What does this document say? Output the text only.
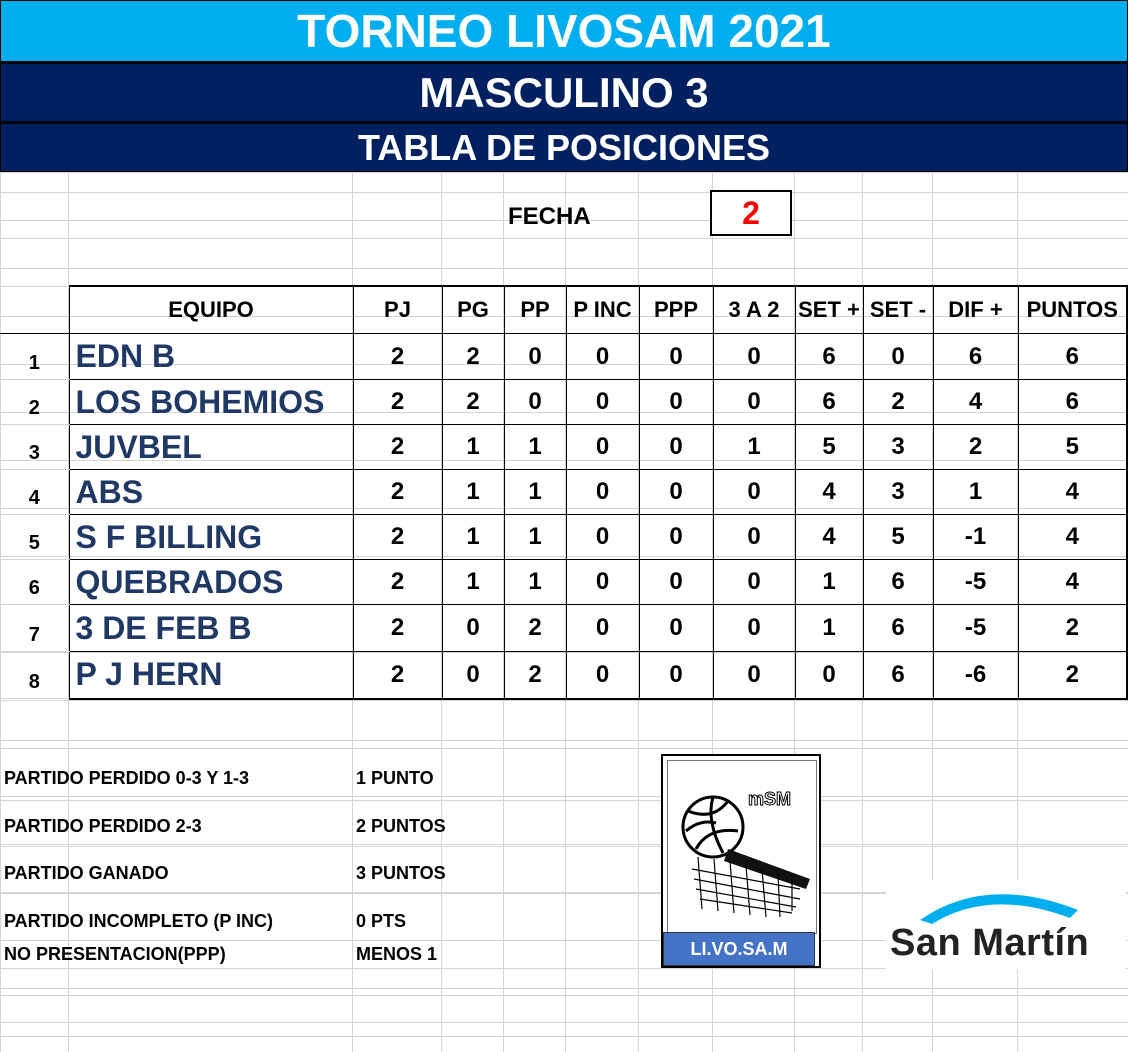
TORNEO LIVOSAM 2021
MASCULINO 3
TABLA DE POSICIONES
FECHA	2
	EQUIPO	PJ	PG	PP	P INC	PPP	3 A 2	SET +	SET -	DIF +	PUNTOS
1	EDN B	2	2	0	0	0	0	6	0	6	6
2	LOS BOHEMIOS	2	2	0	0	0	0	6	2	4	6
3	JUVBEL	2	1	1	0	0	1	5	3	2	5
4	ABS	2	1	1	0	0	0	4	3	1	4
5	S F BILLING	2	1	1	0	0	0	4	5	-1	4
6	QUEBRADOS	2	1	1	0	0	0	1	6	-5	4
7	3 DE FEB B	2	0	2	0	0	0	1	6	-5	2
8	P J HERN	2	0	2	0	0	0	0	6	-6	2
PARTIDO PERDIDO 0-3 Y 1-3	1 PUNTO
PARTIDO PERDIDO 2-3	2 PUNTOS
PARTIDO GANADO	3 PUNTOS
PARTIDO INCOMPLETO (P INC)	0 PTS
NO PRESENTACION(PPP)	MENOS 1
mSM
LI.VO.SA.M	San Martín
